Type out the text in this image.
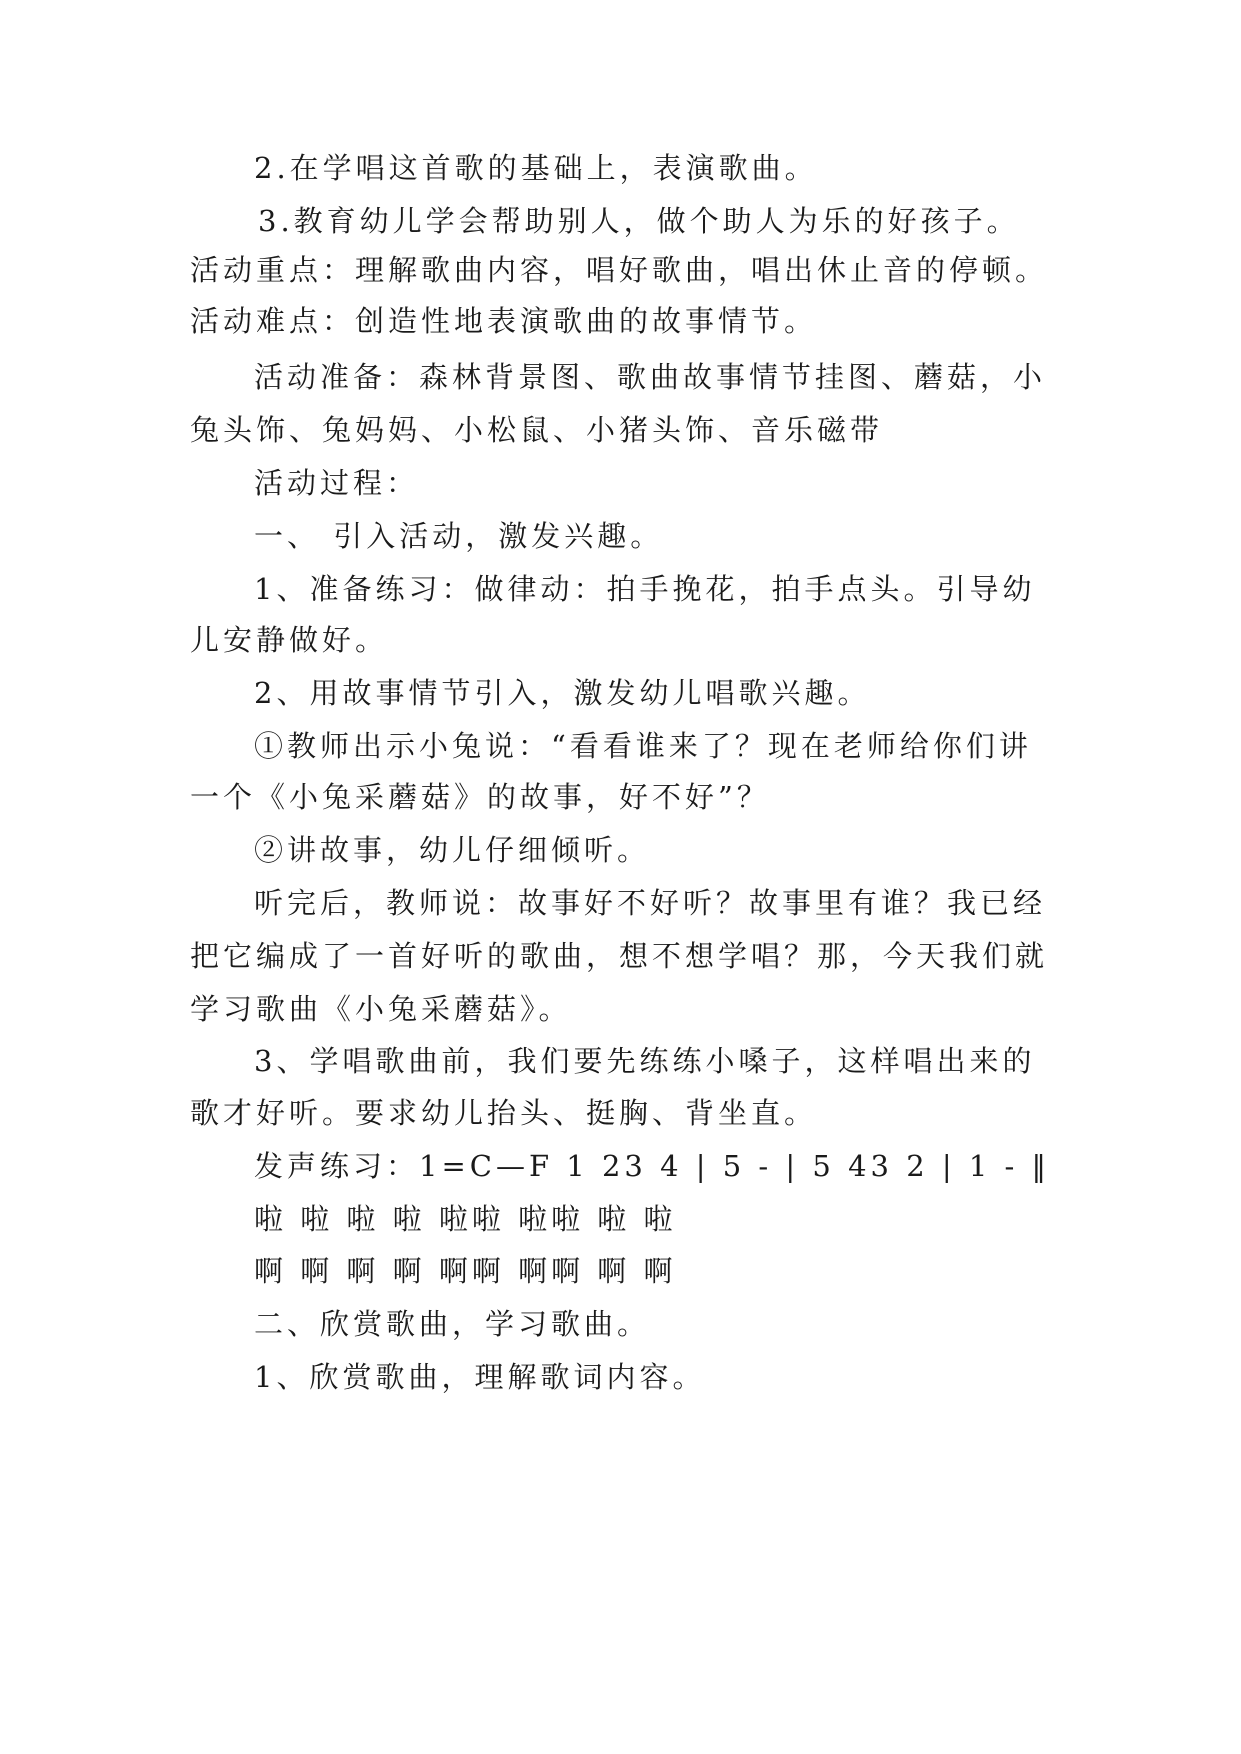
2.在学唱这首歌的基础上，表演歌曲。
3.教育幼儿学会帮助别人，做个助人为乐的好孩子。
活动重点：理解歌曲内容，唱好歌曲，唱出休止音的停顿。
活动难点：创造性地表演歌曲的故事情节。
活动准备：森林背景图、歌曲故事情节挂图、蘑菇，小
兔头饰、兔妈妈、小松鼠、小猪头饰、音乐磁带
活动过程：
一、 引入活动，激发兴趣。
1、准备练习：做律动：拍手挽花，拍手点头。引导幼
儿安静做好。
2、用故事情节引入，激发幼儿唱歌兴趣。
①教师出示小兔说：“看看谁来了？现在老师给你们讲
一个《小兔采蘑菇》的故事，好不好”？
②讲故事，幼儿仔细倾听。
听完后，教师说：故事好不好听？故事里有谁？我已经
把它编成了一首好听的歌曲，想不想学唱？那，今天我们就
学习歌曲《小兔采蘑菇》。
3、学唱歌曲前，我们要先练练小嗓子，这样唱出来的
歌才好听。要求幼儿抬头、挺胸、背坐直。
发声练习：1=C—F 1 23 4 | 5 - | 5 43 2 | 1 - ‖
啦 啦 啦 啦 啦啦 啦啦 啦 啦
啊 啊 啊 啊 啊啊 啊啊 啊 啊
二、欣赏歌曲，学习歌曲。
1、欣赏歌曲，理解歌词内容。
